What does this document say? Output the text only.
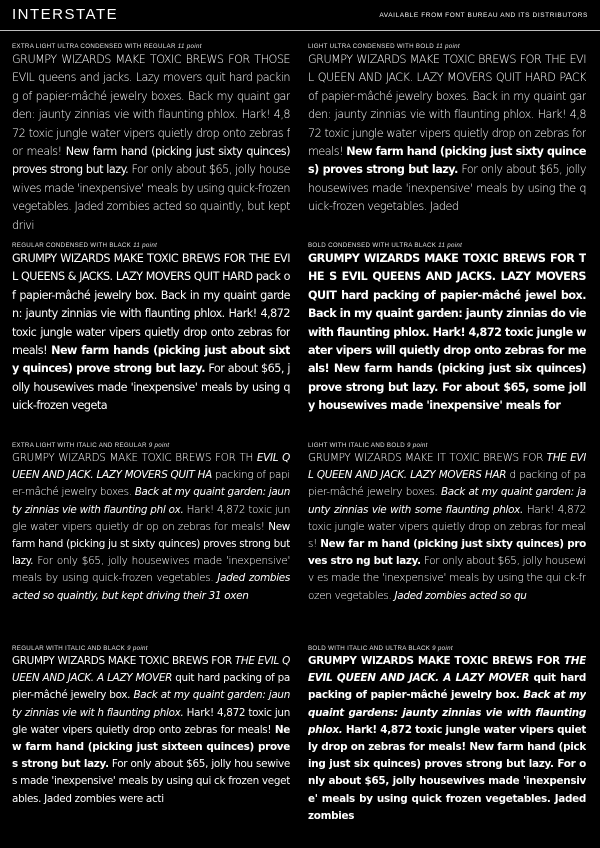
INTERSTATE	AVAILABLE FROM FONT BUREAU AND ITS DISTRIBUTORS
EXTRA LIGHT ULTRA CONDENSED WITH REGULAR 11 point

GRUMPY WIZARDS MAKE TOXIC BREWS FOR THOSE EVIL queens and jacks. Lazy movers quit hard packing of papier-mâché jewelry boxes. Back my quaint garden: jaunty zinnias vie with flaunting phlox. Hark! 4,872 toxic jungle water vipers quietly drop onto zebras for meals! New farm hand (picking just sixty quinces) proves strong but lazy. For only about $65, jolly house wives made 'inexpensive' meals by using quick-frozen vegetables. Jaded zombies acted so quaintly, but kept drivi

LIGHT ULTRA CONDENSED WITH BOLD 11 point

GRUMPY WIZARDS MAKE TOXIC BREWS FOR THE EVIL QUEEN AND JACK. LAZY MOVERS QUIT HARD PACK of papier-mâché jewelry boxes. Back in my quaint garden: jaunty zinnias vie with flaunting phlox. Hark! 4,872 toxic jungle water vipers quietly drop on zebras for meals! New farm hand (picking just sixty quinces) proves strong but lazy. For only about $65, jolly housewives made 'inexpensive' meals by using the quick-frozen vegetables. Jaded

REGULAR CONDENSED WITH BLACK 11 point

GRUMPY WIZARDS MAKE TOXIC BREWS FOR THE EVIL QUEENS & JACKS. LAZY MOVERS QUIT HARD pack of papier-mâché jewelry box. Back in my quaint garden: jaunty zinnias vie with flaunting phlox. Hark! 4,872 toxic jungle water vipers quietly drop onto zebras for meals! New farm hands (picking just about sixty quinces) prove strong but lazy. For about $65, jolly housewives made 'inexpensive' meals by using quick-frozen vegeta

BOLD CONDENSED WITH ULTRA BLACK 11 point

GRUMPY WIZARDS MAKE TOXIC BREWS FOR THE S EVIL QUEENS AND JACKS. LAZY MOVERS QUIT hard packing of papier-mâché jewel box. Back in my quaint garden: jaunty zinnias do vie with flaunting phlox. Hark! 4,872 toxic jungle water vipers will quietly drop onto zebras for meals! New farm hands (picking just six quinces) prove strong but lazy. For about $65, some jolly housewives made 'inexpensive' meals for

EXTRA LIGHT WITH ITALIC AND REGULAR 9 point

GRUMPY WIZARDS MAKE TOXIC BREWS FOR TH EVIL QUEEN AND JACK. LAZY MOVERS QUIT HA packing of papier-mâché jewelry boxes. Back at my quaint garden: jaunty zinnias vie with flaunting phl ox. Hark! 4,872 toxic jungle water vipers quietly dr op on zebras for meals! New farm hand (picking ju st sixty quinces) proves strong but lazy. For only $65, jolly housewives made 'inexpensive' meals by using quick-frozen vegetables. Jaded zombies acted so quaintly, but kept driving their 31 oxen

LIGHT WITH ITALIC AND BOLD 9 point

GRUMPY WIZARDS MAKE IT TOXIC BREWS FOR THE EVIL QUEEN AND JACK. LAZY MOVERS HAR d packing of papier-mâché jewelry boxes. Back at my quaint garden: jaunty zinnias vie with some flaunting phlox. Hark! 4,872 toxic jungle water vipers quietly drop on zebras for meals! New far m hand (picking just sixty quinces) proves stro ng but lazy. For only about $65, jolly housewiv es made the 'inexpensive' meals by using the qui ck-frozen vegetables. Jaded zombies acted so qu

REGULAR WITH ITALIC AND BLACK 9 point

GRUMPY WIZARDS MAKE TOXIC BREWS FOR THE EVIL QUEEN AND JACK. A LAZY MOVER quit hard packing of papier-mâché jewelry box. Back at my quaint garden: jaunty zinnias vie wit h flaunting phlox. Hark! 4,872 toxic jungle water vipers quietly drop onto zebras for meals! New farm hand (picking just sixteen quinces) prove s strong but lazy. For only about $65, jolly hou sewives made 'inexpensive' meals by using qui ck frozen vegetables. Jaded zombies were acti

BOLD WITH ITALIC AND ULTRA BLACK 9 point

GRUMPY WIZARDS MAKE TOXIC BREWS FOR THE EVIL QUEEN AND JACK. A LAZY MOVER quit hard packing of papier-mâché jewelry box. Back at my quaint gardens: jaunty zinnias vie with flaunting phlox. Hark! 4,872 toxic jungle water vipers quietly drop on zebras for meals! New farm hand (picking just six quinces) proves strong but lazy. For only about $65, jolly housewives made 'inexpensive' meals by using quick frozen vegetables. Jaded zombies
